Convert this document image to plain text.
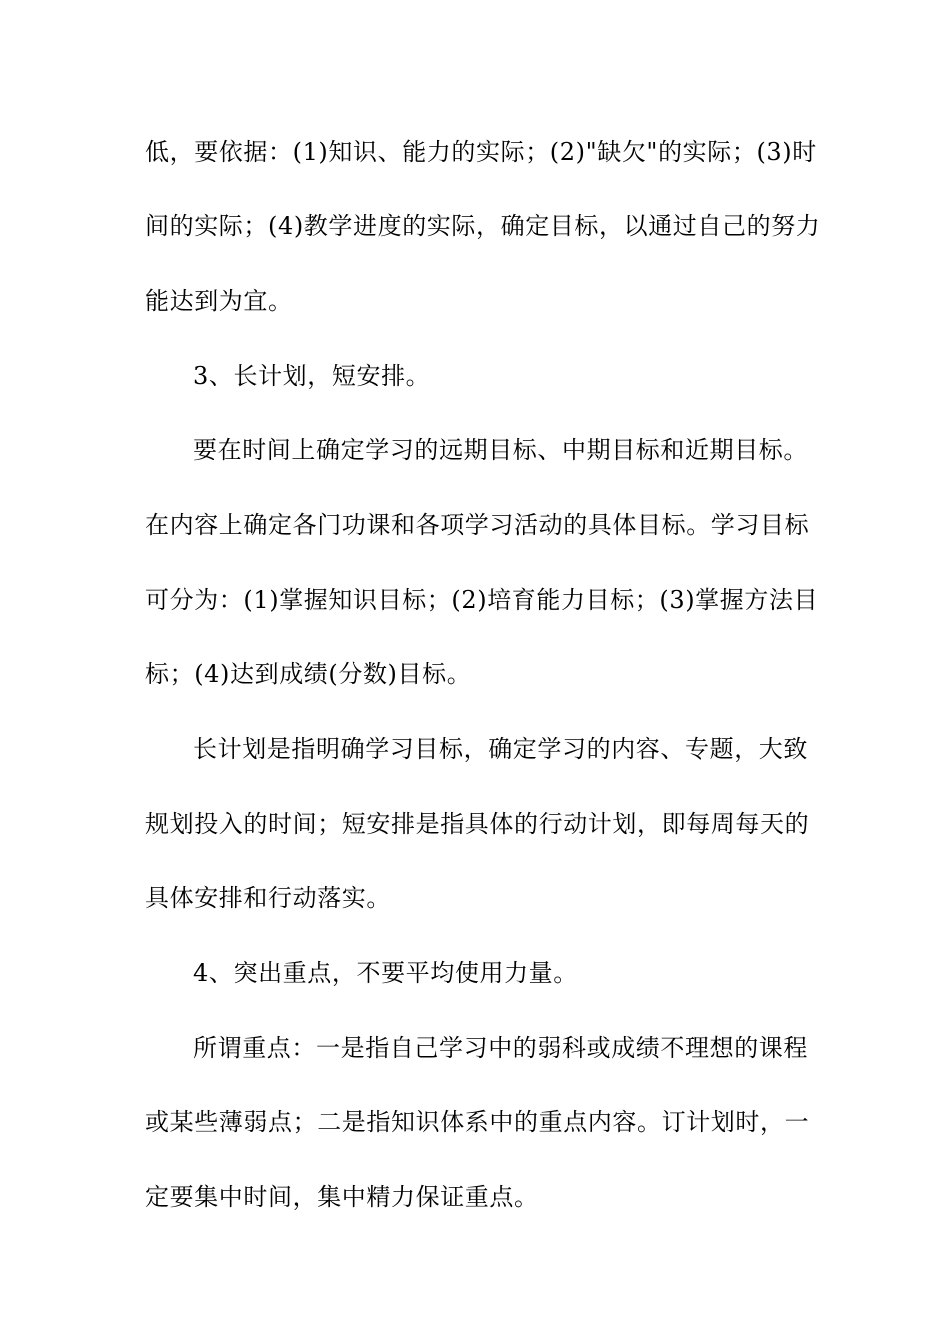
低，要依据：(1)知识、能力的实际；(2)"缺欠"的实际；(3)时
间的实际；(4)教学进度的实际，确定目标，以通过自己的努力
能达到为宜。
3、长计划，短安排。
要在时间上确定学习的远期目标、中期目标和近期目标。
在内容上确定各门功课和各项学习活动的具体目标。学习目标
可分为：(1)掌握知识目标；(2)培育能力目标；(3)掌握方法目
标；(4)达到成绩(分数)目标。
长计划是指明确学习目标，确定学习的内容、专题，大致
规划投入的时间；短安排是指具体的行动计划，即每周每天的
具体安排和行动落实。
4、突出重点，不要平均使用力量。
所谓重点：一是指自己学习中的弱科或成绩不理想的课程
或某些薄弱点；二是指知识体系中的重点内容。订计划时，一
定要集中时间，集中精力保证重点。
